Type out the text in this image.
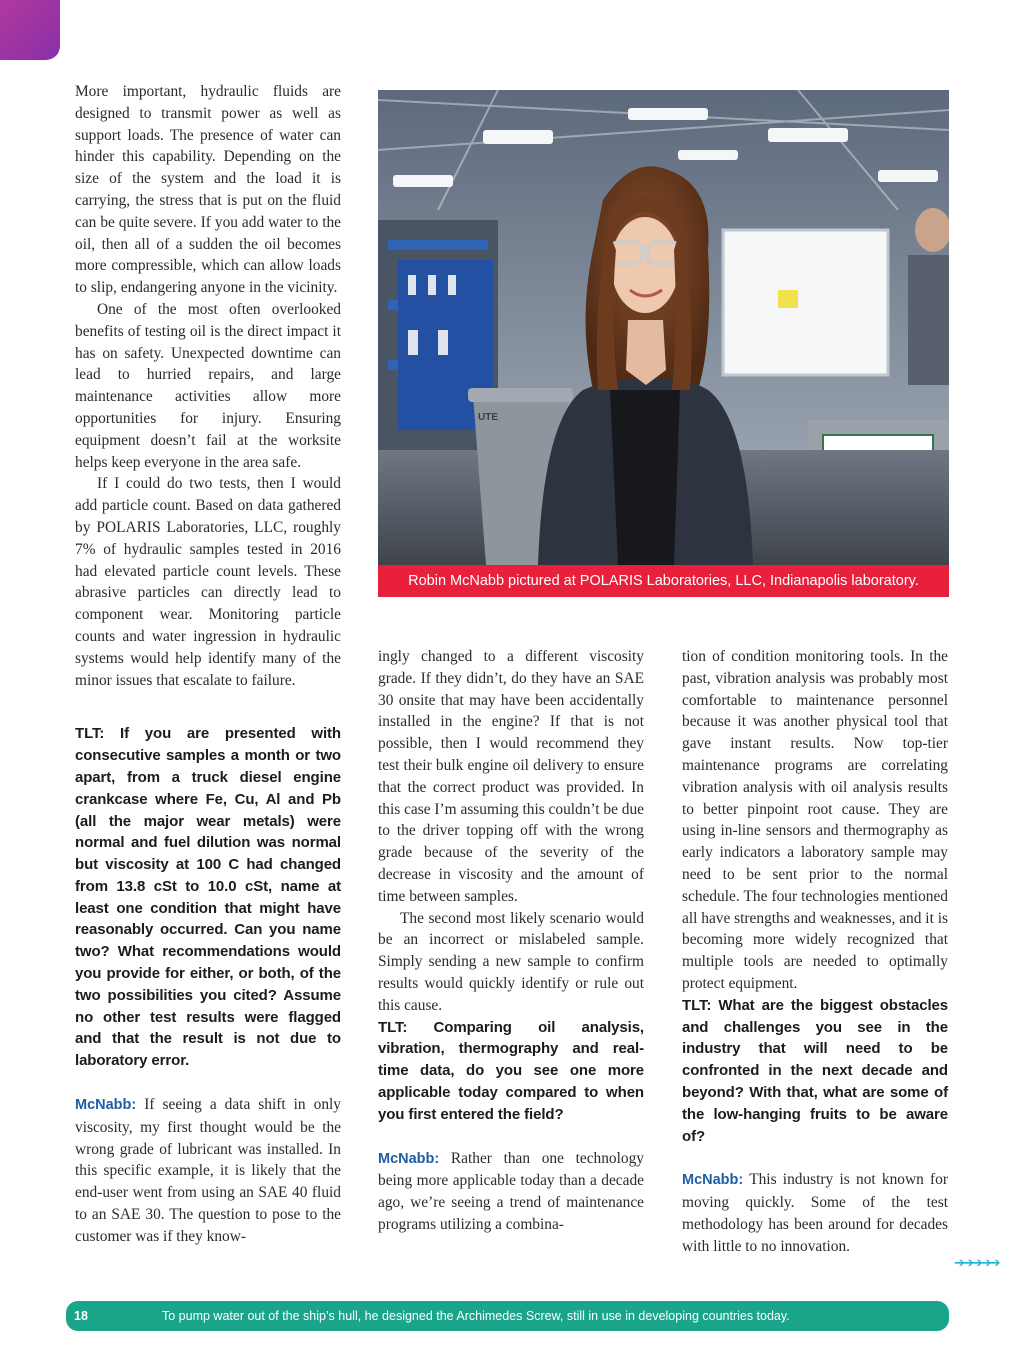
More important, hydraulic fluids are designed to transmit power as well as support loads. The presence of water can hinder this capability. Depending on the size of the system and the load it is carrying, the stress that is put on the fluid can be quite severe. If you add water to the oil, then all of a sudden the oil becomes more compressible, which can allow loads to slip, endangering anyone in the vicinity.

One of the most often overlooked benefits of testing oil is the direct impact it has on safety. Unexpected downtime can lead to hurried repairs, and large maintenance activities allow more opportunities for injury. Ensuring equipment doesn’t fail at the worksite helps keep everyone in the area safe.

If I could do two tests, then I would add particle count. Based on data gathered by POLARIS Laboratories, LLC, roughly 7% of hydraulic samples tested in 2016 had elevated particle count levels. These abrasive particles can directly lead to component wear. Monitoring particle counts and water ingression in hydraulic systems would help identify many of the minor issues that escalate to failure.

TLT: If you are presented with consecutive samples a month or two apart, from a truck diesel engine crankcase where Fe, Cu, Al and Pb (all the major wear metals) were normal and fuel dilution was normal but viscosity at 100 C had changed from 13.8 cSt to 10.0 cSt, name at least one condition that might have reasonably occurred. Can you name two? What recommendations would you provide for either, or both, of the two possibilities you cited? Assume no other test results were flagged and that the result is not due to laboratory error.

McNabb: If seeing a data shift in only viscosity, my first thought would be the wrong grade of lubricant was installed. In this specific example, it is likely that the end-user went from using an SAE 40 fluid to an SAE 30. The question to pose to the customer was if they know-

UTE
Robin McNabb pictured at POLARIS Laboratories, LLC, Indianapolis laboratory.

ingly changed to a different viscosity grade. If they didn’t, do they have an SAE 30 onsite that may have been accidentally installed in the engine? If that is not possible, then I would recommend they test their bulk engine oil delivery to ensure that the correct product was provided. In this case I’m assuming this couldn’t be due to the driver topping off with the wrong grade because of the severity of the decrease in viscosity and the amount of time between samples.

The second most likely scenario would be an incorrect or mislabeled sample. Simply sending a new sample to confirm results would quickly identify or rule out this cause.

TLT: Comparing oil analysis, vibration, thermography and real-time data, do you see one more applicable today compared to when you first entered the field?

McNabb: Rather than one technology being more applicable today than a decade ago, we’re seeing a trend of maintenance programs utilizing a combina-

tion of condition monitoring tools. In the past, vibration analysis was probably most comfortable to maintenance personnel because it was another physical tool that gave instant results. Now top-tier maintenance programs are correlating vibration analysis with oil analysis results to better pinpoint root cause. They are using in-line sensors and thermography as early indicators a laboratory sample may need to be sent prior to the normal schedule. The four technologies mentioned all have strengths and weaknesses, and it is becoming more widely recognized that multiple tools are needed to optimally protect equipment.

TLT: What are the biggest obstacles and challenges you see in the industry that will need to be confronted in the next decade and beyond? With that, what are some of the low-hanging fruits to be aware of?

McNabb: This industry is not known for moving quickly. Some of the test methodology has been around for decades with little to no innovation.

➔➔➔➔➔
18	To pump water out of the ship’s hull, he designed the Archimedes Screw, still in use in developing countries today.
